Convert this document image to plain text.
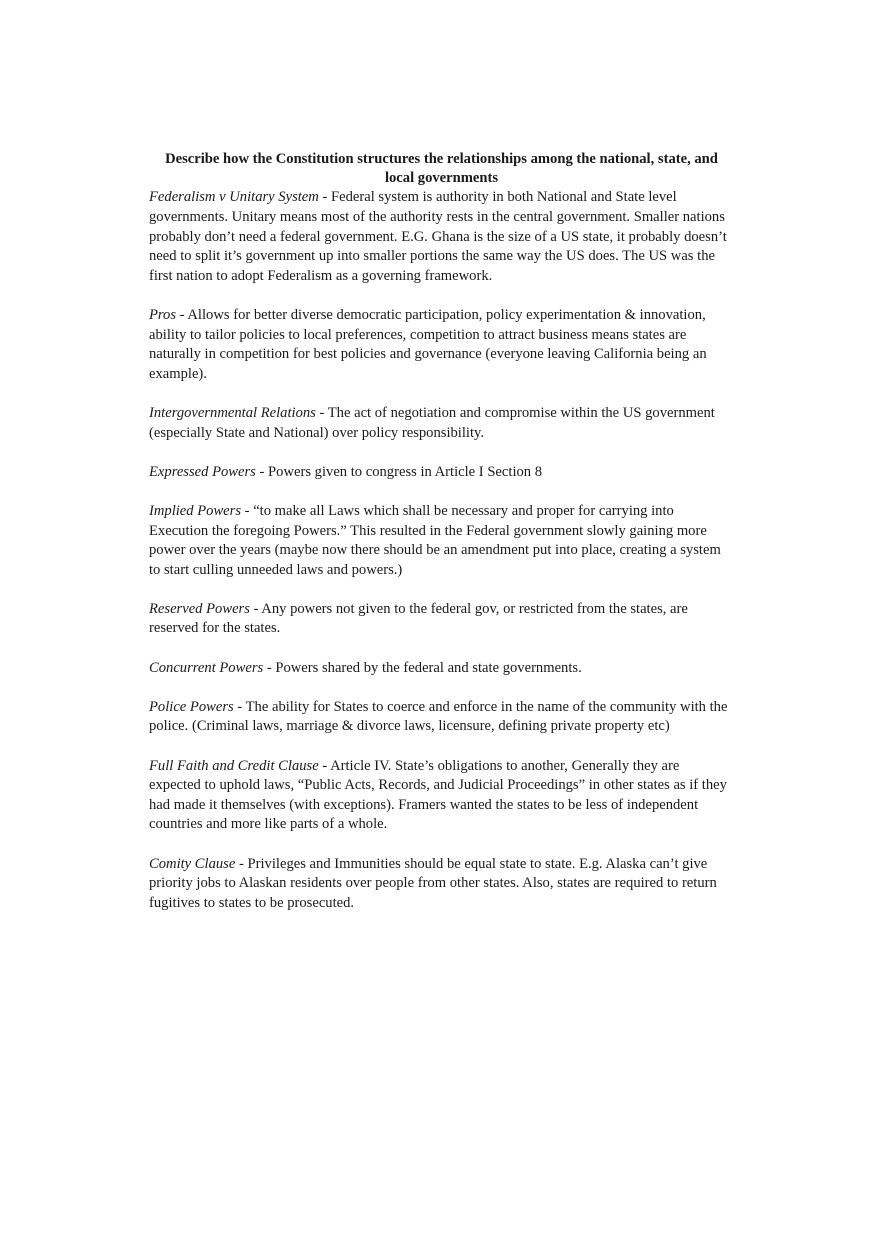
Describe how the Constitution structures the relationships among the national, state, and local governments

Federalism v Unitary System - Federal system is authority in both National and State level governments. Unitary means most of the authority rests in the central government. Smaller nations probably don’t need a federal government. E.G. Ghana is the size of a US state, it probably doesn’t need to split it’s government up into smaller portions the same way the US does. The US was the first nation to adopt Federalism as a governing framework.

Pros - Allows for better diverse democratic participation, policy experimentation & innovation, ability to tailor policies to local preferences, competition to attract business means states are naturally in competition for best policies and governance (everyone leaving California being an example).

Intergovernmental Relations - The act of negotiation and compromise within the US government (especially State and National) over policy responsibility.

Expressed Powers - Powers given to congress in Article I Section 8

Implied Powers - “to make all Laws which shall be necessary and proper for carrying into Execution the foregoing Powers.” This resulted in the Federal government slowly gaining more power over the years (maybe now there should be an amendment put into place, creating a system to start culling unneeded laws and powers.)

Reserved Powers - Any powers not given to the federal gov, or restricted from the states, are reserved for the states.

Concurrent Powers - Powers shared by the federal and state governments.

Police Powers - The ability for States to coerce and enforce in the name of the community with the police. (Criminal laws, marriage & divorce laws, licensure, defining private property etc)

Full Faith and Credit Clause - Article IV. State’s obligations to another, Generally they are expected to uphold laws, “Public Acts, Records, and Judicial Proceedings” in other states as if they had made it themselves (with exceptions). Framers wanted the states to be less of independent countries and more like parts of a whole.

Comity Clause - Privileges and Immunities should be equal state to state. E.g. Alaska can’t give priority jobs to Alaskan residents over people from other states. Also, states are required to return fugitives to states to be prosecuted.
